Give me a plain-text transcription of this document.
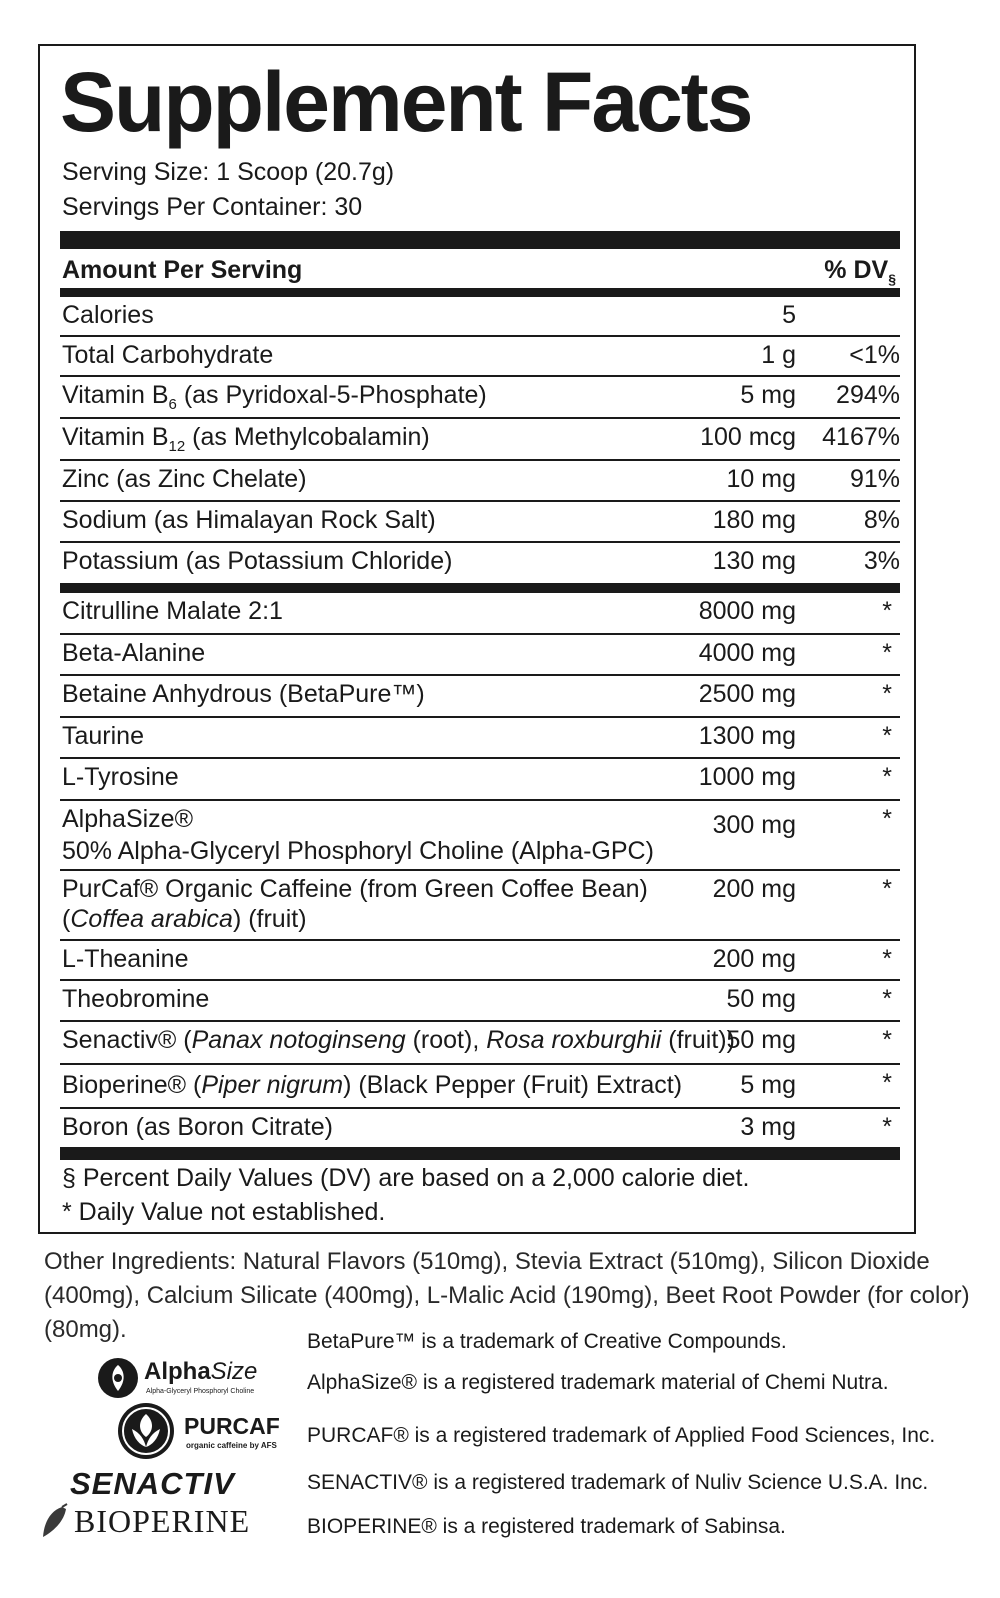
Supplement Facts
Serving Size: 1 Scoop (20.7g)
Servings Per Container: 30
Amount Per Serving	% $DV_\S$
Calories	5
Total Carbohydrate	1 g <1%
Vitamin $B_6$ (as Pyridoxal-5-Phosphate)	5 mg 294%
Vitamin $B_{12}$ (as Methylcobalamin)	100 mcg 4167%
Zinc (as Zinc Chelate)	10 mg 91%
Sodium (as Himalayan Rock Salt)	180 mg	8%
Potassium (as Potassium Chloride)	130 mg	3%
Citrulline Malate 2:1	8000 mg	*
Beta-Alanine	4000 mg	*
Betaine Anhydrous (BetaPure™)	2500 mg	*
Taurine	1300 mg	*
L-Tyrosine	1000 mg	*
AlphaSize®
50% Alpha-Glyceryl Phosphoryl Choline (Alpha-GPC)
300 mg	*
PurCaf® Organic Caffeine (from Green Coffee Bean)
(Coffea arabica) (fruit)
200 mg	*
L-Theanine	200 mg	*
Theobromine	50 mg	*
Senactiv® (Panax notoginseng (root), Rosa roxburghii (fruit))
50 mg	*
Bioperine® (Piper nigrum) (Black Pepper (Fruit) Extract) 5 mg	*
Boron (as Boron Citrate)	3 mg	*
§ Percent Daily Values (DV) are based on a 2,000 calorie diet.
* Daily Value not established.
Other Ingredients: Natural Flavors (510mg), Stevia Extract (510mg), Silicon Dioxide (400mg), Calcium Silicate (400mg), L-Malic Acid (190mg), Beet Root Powder (for color) (80mg).	BetaPure™ is a trademark of Creative Compounds.
AlphaSize® is a registered trademark material of Chemi Nutra.
PURCAF® is a registered trademark of Applied Food Sciences, Inc.
SENACTIV® is a registered trademark of Nuliv Science U.S.A. Inc.
BIOPERINE® is a registered trademark of Sabinsa.
AlphaSize
Alpha-Glyceryl Phosphoryl Choline
PURCAF
organic caffeine by AFS
SENACTIV
BIOPERINE
